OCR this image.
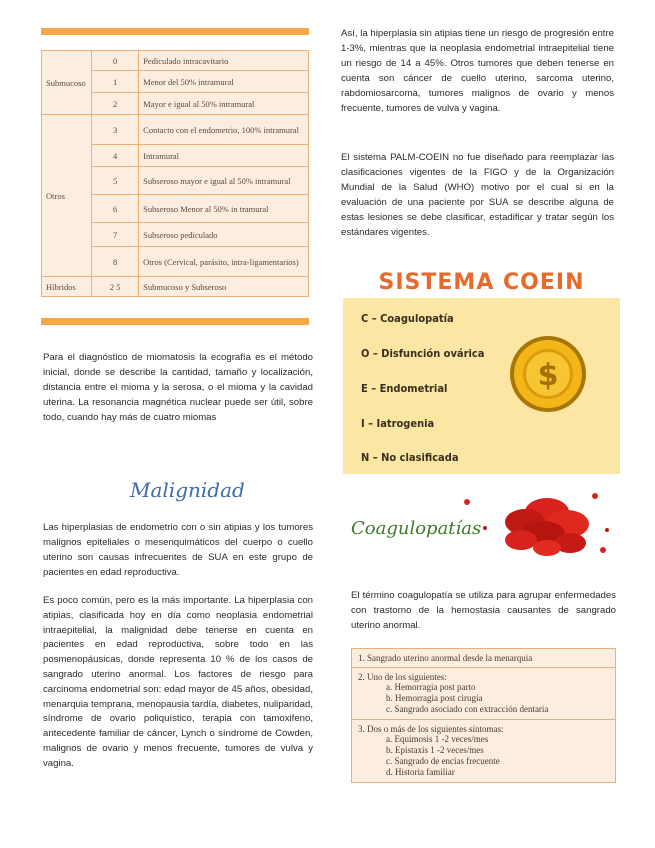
Submucoso	0	Pediculado intracavitario
	1	Menor del 50% intramural
	2	Mayor e igual al 50% intramural
Otros	3	Contacto con el endometrio, 100% intramural
	4	Intramural
	5	Subseroso mayor e igual al 50% intramural
	6	Subseroso Menor al 50% in tramural
	7	Subseroso pediculado
	8	Otros (Cervical, parásito, intra-ligamentarios)
Híbridos	2 5	Submucoso y Subseroso
Para el diagnóstico de miomatosis la ecografía es el método inicial, donde se describe la cantidad, tamaño y localización, distancia entre el mioma y la serosa, o el mioma y la cavidad uterina. La resonancia magnética nuclear puede ser útil, sobre todo, cuando hay más de cuatro miomas
Malignidad
Las hiperplasias de endometrio con o sin atipias y los tumores malignos epiteliales o mesenquimáticos del cuerpo o cuello uterino son causas infrecuentes de SUA en este grupo de pacientes en edad reproductiva.
Es poco común, pero es la más importante. La hiperplasia con atipias, clasificada hoy en día como neoplasia endometrial intraepitelial, la malignidad debe tenerse en cuenta en pacientes en edad reproductiva, sobre todo en las posmenopáusicas, donde representa 10 % de los casos de sangrado uterino anormal. Los factores de riesgo para carcinoma endometrial son: edad mayor de 45 años, obesidad, menarquia temprana, menopausia tardía, diabetes, nuliparidad, síndrome de ovario poliquístico, terapia con tamoxifeno, antecedente familiar de cáncer, Lynch o síndrome de Cowden, malignos de ovario y menos frecuente, tumores de vulva y vagina.
Así, la hiperplasia sin atipias tiene un riesgo de progresión entre 1-3%, mientras que la neoplasia endometrial intraepitelial tiene un riesgo de 14 a 45%. Otros tumores que deben tenerse en cuenta son cáncer de cuello uterino, sarcoma uterino, rabdomiosarcoma, tumores malignos de ovario y menos frecuente, tumores de vulva y vagina.
El sistema PALM-COEIN no fue diseñado para reemplazar las clasificaciones vigentes de la FIGO y de la Organización Mundial de la Salud (WHO) motivo por el cual si en la evaluación de una paciente por SUA se describe alguna de estas lesiones se debe clasificar, estadificar y tratar según los estándares vigentes.
SISTEMA COEIN
C – Coagulopatía
O – Disfunción ovárica
E – Endometrial
I – Iatrogenia
N – No clasificada
$
Coagulopatías
El término coagulopatía se utiliza para agrupar enfermedades con trastorno de la hemostasia causantes de sangrado uterino anormal.
1. Sangrado uterino anormal desde la menarquia
2. Uno de los siguientes:
a. Hemorragia post parto
b. Hemorragia post cirugía
c. Sangrado asociado con extracción dentaria
3. Dos o más de los siguientes síntomas:
a. Equimosis 1 -2 veces/mes
b. Epistaxis 1 -2 veces/mes
c. Sangrado de encías frecuente
d. Historia familiar
